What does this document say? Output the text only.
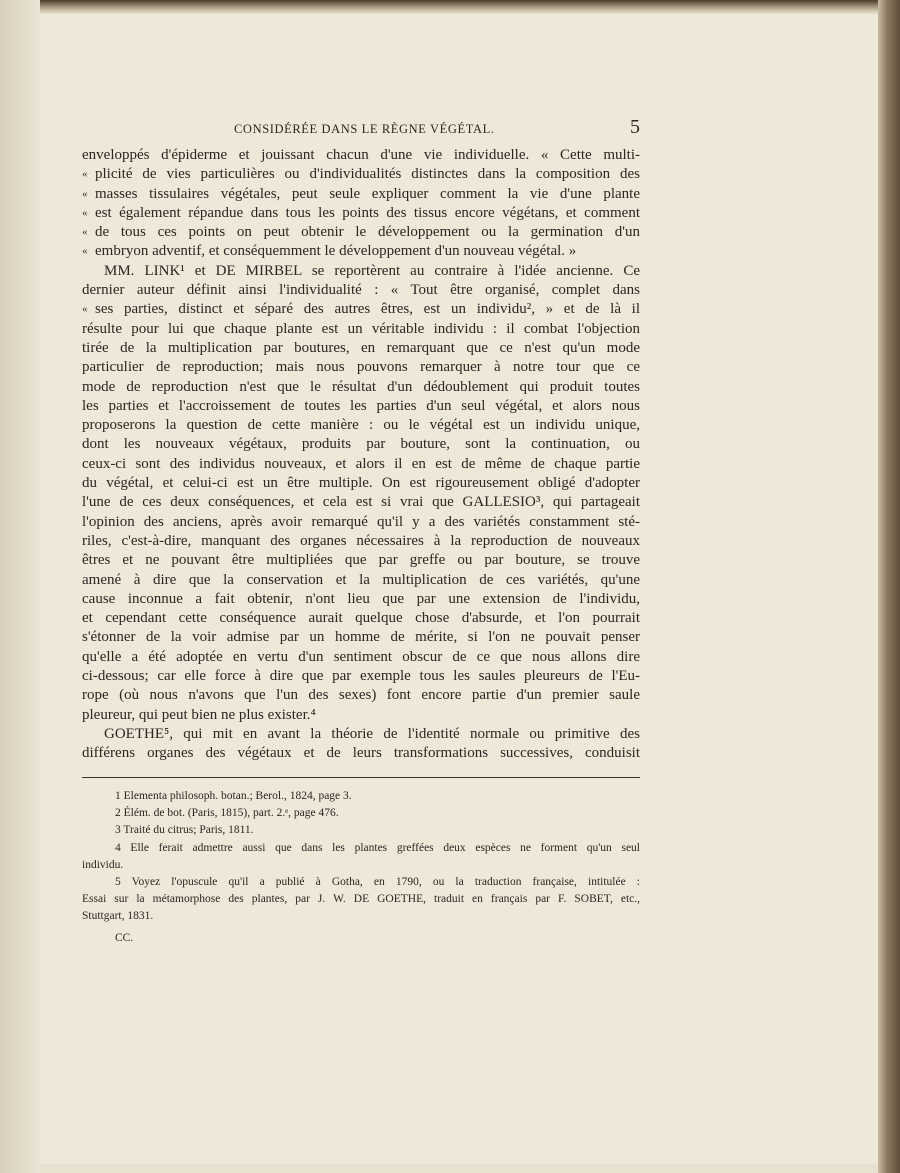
CONSIDÉRÉE DANS LE RÈGNE VÉGÉTAL.	5
enveloppés d'épiderme et jouissant chacun d'une vie individuelle. « Cette multi-
« plicité de vies particulières ou d'individualités distinctes dans la composition des
« masses tissulaires végétales, peut seule expliquer comment la vie d'une plante
« est également répandue dans tous les points des tissus encore végétans, et comment
« de tous ces points on peut obtenir le développement ou la germination d'un
« embryon adventif, et conséquemment le développement d'un nouveau végétal. »
MM. LINK¹ et DE MIRBEL se reportèrent au contraire à l'idée ancienne. Ce
dernier auteur définit ainsi l'individualité : « Tout être organisé, complet dans
« ses parties, distinct et séparé des autres êtres, est un individu², » et de là il
résulte pour lui que chaque plante est un véritable individu : il combat l'objection
tirée de la multiplication par boutures, en remarquant que ce n'est qu'un mode
particulier de reproduction; mais nous pouvons remarquer à notre tour que ce
mode de reproduction n'est que le résultat d'un dédoublement qui produit toutes
les parties et l'accroissement de toutes les parties d'un seul végétal, et alors nous
proposerons la question de cette manière : ou le végétal est un individu unique,
dont les nouveaux végétaux, produits par bouture, sont la continuation, ou
ceux-ci sont des individus nouveaux, et alors il en est de même de chaque partie
du végétal, et celui-ci est un être multiple. On est rigoureusement obligé d'adopter
l'une de ces deux conséquences, et cela est si vrai que GALLESIO³, qui partageait
l'opinion des anciens, après avoir remarqué qu'il y a des variétés constamment sté-
riles, c'est-à-dire, manquant des organes nécessaires à la reproduction de nouveaux
êtres et ne pouvant être multipliées que par greffe ou par bouture, se trouve
amené à dire que la conservation et la multiplication de ces variétés, qu'une
cause inconnue a fait obtenir, n'ont lieu que par une extension de l'individu,
et cependant cette conséquence aurait quelque chose d'absurde, et l'on pourrait
s'étonner de la voir admise par un homme de mérite, si l'on ne pouvait penser
qu'elle a été adoptée en vertu d'un sentiment obscur de ce que nous allons dire
ci-dessous; car elle force à dire que par exemple tous les saules pleureurs de l'Eu-
rope (où nous n'avons que l'un des sexes) font encore partie d'un premier saule
pleureur, qui peut bien ne plus exister.⁴
GOETHE⁵, qui mit en avant la théorie de l'identité normale ou primitive des
différens organes des végétaux et de leurs transformations successives, conduisit
1 Elementa philosoph. botan.; Berol., 1824, page 3.
2 Élém. de bot. (Paris, 1815), part. 2.ᵉ, page 476.
3 Traité du citrus; Paris, 1811.
4 Elle ferait admettre aussi que dans les plantes greffées deux espèces ne forment qu'un seul
individu.
5 Voyez l'opuscule qu'il a publié à Gotha, en 1790, ou la traduction française, intitulée :
Essai sur la métamorphose des plantes, par J. W. DE GOETHE, traduit en français par F. SOBET, etc.,
Stuttgart, 1831.
CC.
